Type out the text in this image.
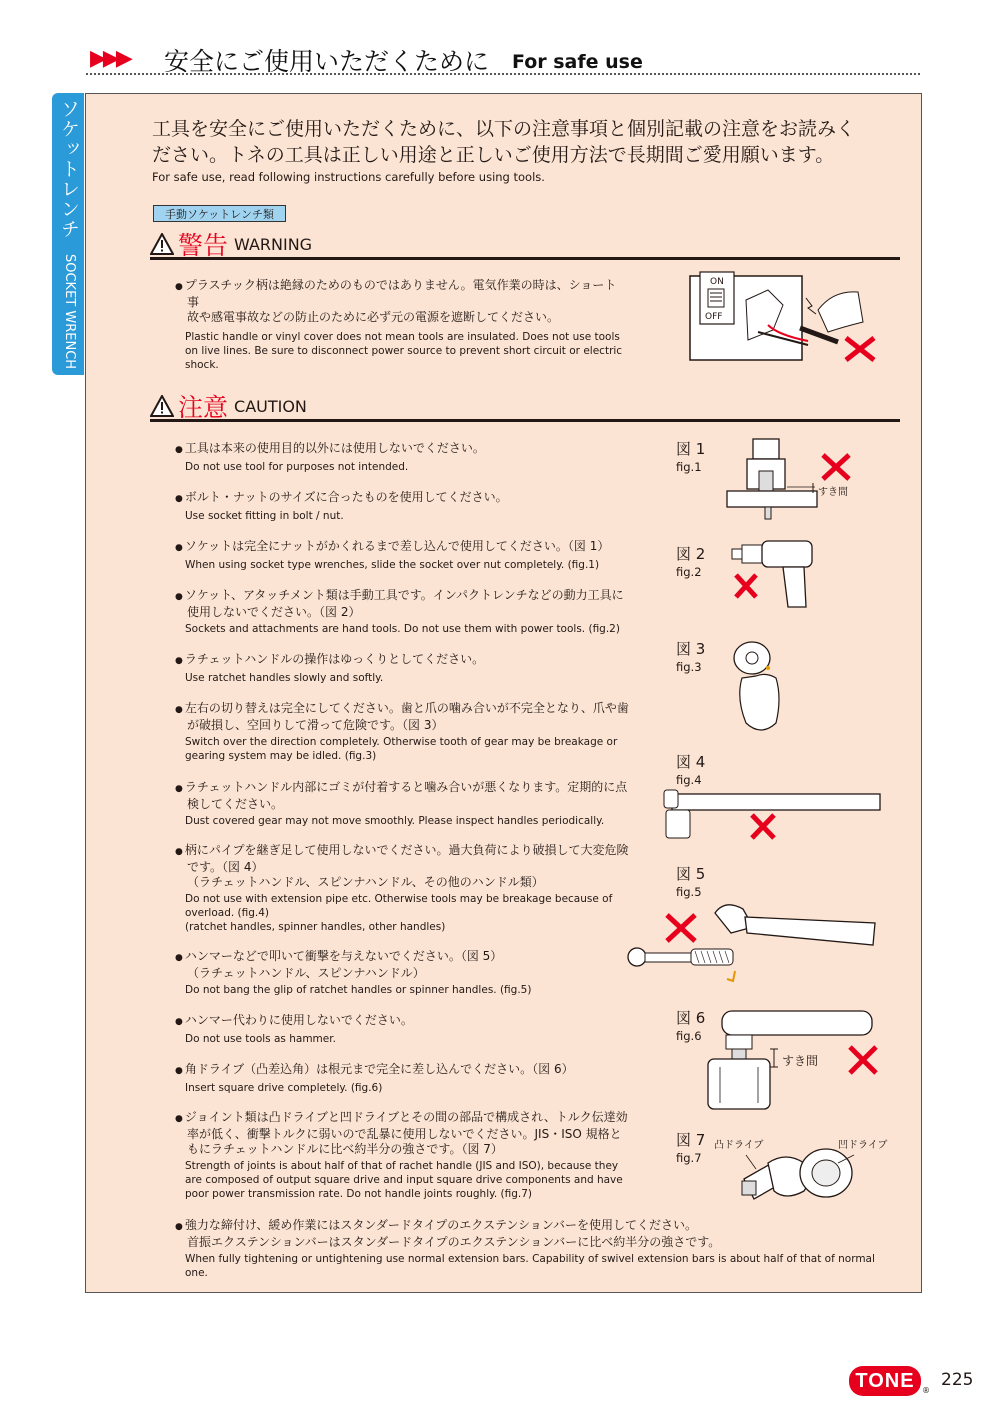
▶▶▶ 安全にご使用いただくために For safe use
ソケットレンチ SOCKET WRENCH
工具を安全にご使用いただくために、以下の注意事項と個別記載の注意をお読みく
ださい。トネの工具は正しい用途と正しいご使用方法で長期間ご愛用願います。
For safe use, read following instructions carefully before using tools.
手動ソケットレンチ類
警告 WARNING
● プラスチック柄は絶縁のためのものではありません。電気作業の時は、ショート事
故や感電事故などの防止のために必ず元の電源を遮断してください。
Plastic handle or vinyl cover does not mean tools are insulated. Does not use tools
on live lines. Be sure to disconnect power source to prevent short circuit or electric
shock.
ON
OFF
注意 CAUTION
● 工具は本来の使用目的以外には使用しないでください。
Do not use tool for purposes not intended.
● ボルト・ナットのサイズに合ったものを使用してください。
Use socket fitting in bolt / nut.
● ソケットは完全にナットがかくれるまで差し込んで使用してください。（図 1）
When using socket type wrenches, slide the socket over nut completely. (fig.1)
● ソケット、アタッチメント類は手動工具です。インパクトレンチなどの動力工具に
使用しないでください。（図 2）
Sockets and attachments are hand tools. Do not use them with power tools. (fig.2)
● ラチェットハンドルの操作はゆっくりとしてください。
Use ratchet handles slowly and softly.
● 左右の切り替えは完全にしてください。歯と爪の噛み合いが不完全となり、爪や歯
が破損し、空回りして滑って危険です。（図 3）
Switch over the direction completely. Otherwise tooth of gear may be breakage or
gearing system may be idled. (fig.3)
● ラチェットハンドル内部にゴミが付着すると噛み合いが悪くなります。定期的に点
検してください。
Dust covered gear may not move smoothly. Please inspect handles periodically.
● 柄にパイプを継ぎ足して使用しないでください。過大負荷により破損して大変危険
です。（図 4）
（ラチェットハンドル、スピンナハンドル、その他のハンドル類）
Do not use with extension pipe etc. Otherwise tools may be breakage because of
overload. (fig.4)
(ratchet handles, spinner handles, other handles)
● ハンマーなどで叩いて衝撃を与えないでください。（図 5）
（ラチェットハンドル、スピンナハンドル）
Do not bang the glip of ratchet handles or spinner handles. (fig.5)
● ハンマー代わりに使用しないでください。
Do not use tools as hammer.
● 角ドライブ（凸差込角）は根元まで完全に差し込んでください。（図 6）
Insert square drive completely. (fig.6)
● ジョイント類は凸ドライブと凹ドライブとその間の部品で構成され、トルク伝達効
率が低く、衝撃トルクに弱いので乱暴に使用しないでください。JIS・ISO 規格と
もにラチェットハンドルに比べ約半分の強さです。（図 7）
Strength of joints is about half of that of rachet handle (JIS and ISO), because they
are composed of output square drive and input square drive components and have
poor power transmission rate. Do not handle joints roughly. (fig.7)
● 強力な締付け、緩め作業にはスタンダードタイプのエクステンションバーを使用してください。
首振エクステンションバーはスタンダードタイプのエクステンションバーに比べ約半分の強さです。
When fully tightening or untightening use normal extension bars. Capability of swivel extension bars is about half of that of normal one.
図 1
fig.1
図 2
fig.2
図 3
fig.3
図 4
fig.4
図 5
fig.5
図 6
fig.6
図 7
fig.7
すき間
すき間
凸ドライブ	凹ドライブ
TONE ®
225
